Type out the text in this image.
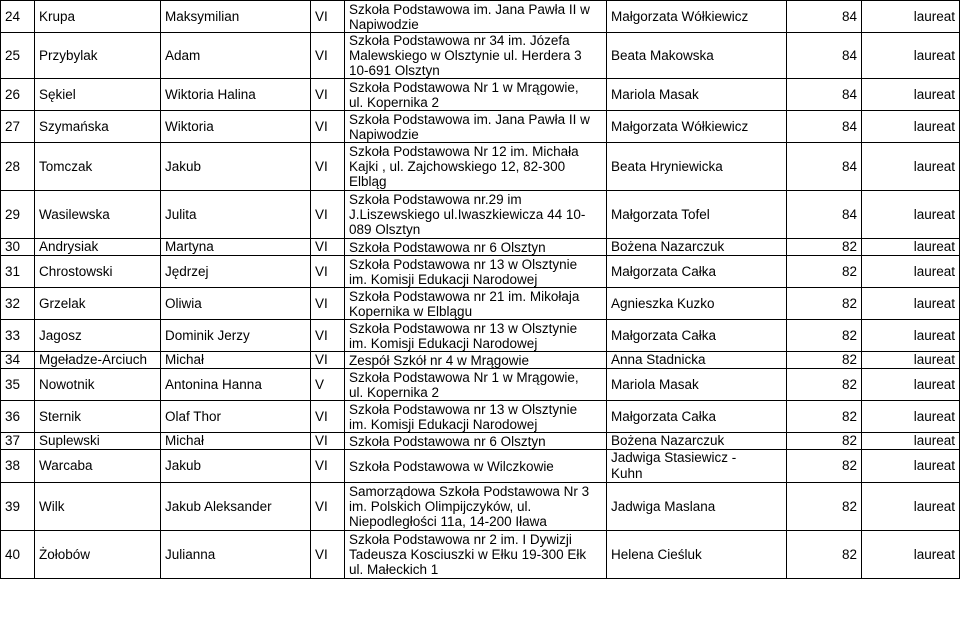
24	Krupa	Maksymilian	VI	Szkoła Podstawowa im. Jana Pawła II w
Napiwodzie	Małgorzata Wółkiewicz	84	laureat
25	Przybylak	Adam	VI	Szkoła Podstawowa nr 34 im. Józefa
Malewskiego w Olsztynie ul. Herdera 3
10-691 Olsztyn	Beata Makowska	84	laureat
26	Sękiel	Wiktoria Halina	VI	Szkoła Podstawowa Nr 1 w Mrągowie,
ul. Kopernika 2	Mariola Masak	84	laureat
27	Szymańska	Wiktoria	VI	Szkoła Podstawowa im. Jana Pawła II w
Napiwodzie	Małgorzata Wółkiewicz	84	laureat
28	Tomczak	Jakub	VI	Szkoła Podstawowa Nr 12 im. Michała
Kajki , ul. Zajchowskiego 12, 82-300
Elbląg	Beata Hryniewicka	84	laureat
29	Wasilewska	Julita	VI	Szkoła Podstawowa nr.29 im
J.Liszewskiego ul.Iwaszkiewicza 44 10-
089 Olsztyn	Małgorzata Tofel	84	laureat
30	Andrysiak	Martyna	VI	Szkoła Podstawowa nr 6 Olsztyn	Bożena Nazarczuk	82	laureat
31	Chrostowski	Jędrzej	VI	Szkoła Podstawowa nr 13 w Olsztynie
im. Komisji Edukacji Narodowej	Małgorzata Całka	82	laureat
32	Grzelak	Oliwia	VI	Szkoła Podstawowa nr 21 im. Mikołaja
Kopernika w Elblągu	Agnieszka Kuzko	82	laureat
33	Jagosz	Dominik Jerzy	VI	Szkoła Podstawowa nr 13 w Olsztynie
im. Komisji Edukacji Narodowej	Małgorzata Całka	82	laureat
34	Mgeładze-Arciuch	Michał	VI	Zespół Szkół nr 4 w Mrągowie	Anna Stadnicka	82	laureat
35	Nowotnik	Antonina Hanna	V	Szkoła Podstawowa Nr 1 w Mrągowie,
ul. Kopernika 2	Mariola Masak	82	laureat
36	Sternik	Olaf Thor	VI	Szkoła Podstawowa nr 13 w Olsztynie
im. Komisji Edukacji Narodowej	Małgorzata Całka	82	laureat
37	Suplewski	Michał	VI	Szkoła Podstawowa nr 6 Olsztyn	Bożena Nazarczuk	82	laureat
38	Warcaba	Jakub	VI	Szkoła Podstawowa w Wilczkowie	Jadwiga Stasiewicz -
Kuhn	82	laureat
39	Wilk	Jakub Aleksander	VI	Samorządowa Szkoła Podstawowa Nr 3
im. Polskich Olimpijczyków, ul.
Niepodległości 11a, 14-200 Iława	Jadwiga Maslana	82	laureat
40	Żołobów	Julianna	VI	Szkoła Podstawowa nr 2 im. I Dywizji
Tadeusza Kosciuszki w Ełku 19-300 Ełk
ul. Małeckich 1	Helena Cieśluk	82	laureat
